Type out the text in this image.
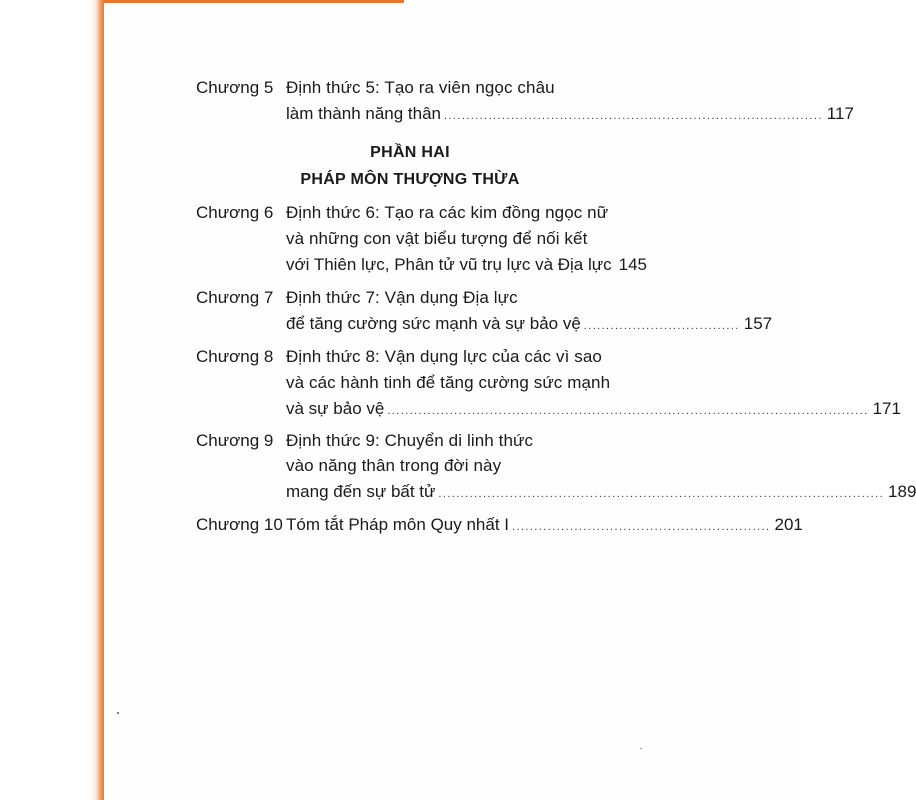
Chương 5 Định thức 5: Tạo ra viên ngọc châu
làm thành năng thân ..................................................................................... 117
PHẦN HAI
PHÁP MÔN THƯỢNG THỪA
Chương 6 Định thức 6: Tạo ra các kim đồng ngọc nữ
và những con vật biểu tượng để nối kết
với Thiên lực, Phân tử vũ trụ lực và Địa lực 145
Chương 7 Định thức 7: Vận dụng Địa lực
để tăng cường sức mạnh và sự bảo vệ ................................... 157
Chương 8 Định thức 8: Vận dụng lực của các vì sao
và các hành tinh để tăng cường sức mạnh
và sự bảo vệ ............................................................................................................ 171
Chương 9 Định thức 9: Chuyển di linh thức
vào năng thân trong đời này
mang đến sự bất tử .................................................................................................... 189
Chương 10 Tóm tắt Pháp môn Quy nhất I .......................................................... 201
